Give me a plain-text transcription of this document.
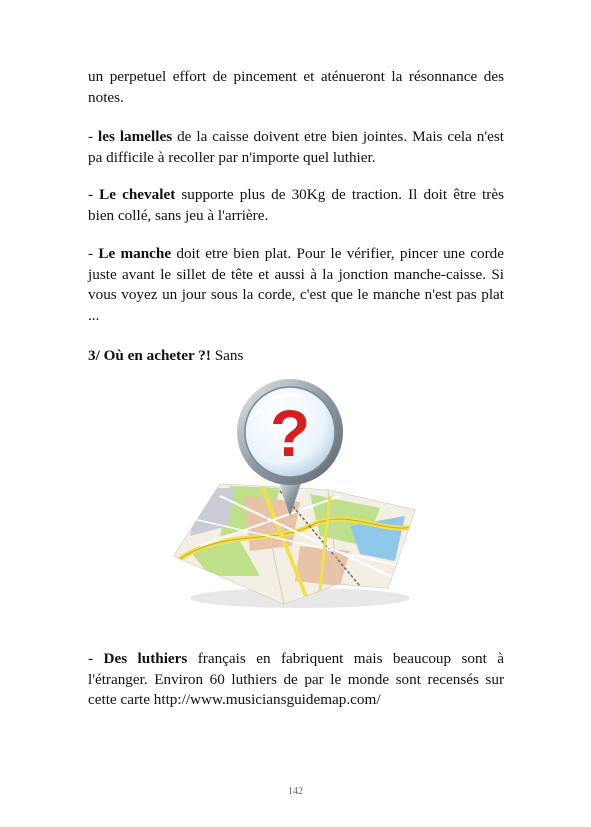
un perpetuel effort de pincement et aténueront la résonnance des notes.

- les lamelles de la caisse doivent etre bien jointes. Mais cela n'est pa difficile à recoller par n'importe quel luthier.

- Le chevalet supporte plus de 30Kg de traction. Il doit être très bien collé, sans jeu à l'arrière.

- Le manche doit etre bien plat. Pour le vérifier, pincer une corde juste avant le sillet de tête et aussi à la jonction manche-caisse. Si vous voyez un jour sous la corde, c'est que le manche n'est pas plat ...

3/ Où en acheter ?! Sans

?

- Des luthiers français en fabriquent mais beaucoup sont à l'étranger. Environ 60 luthiers de par le monde sont recensés sur cette carte http://www.musiciansguidemap.com/

142
